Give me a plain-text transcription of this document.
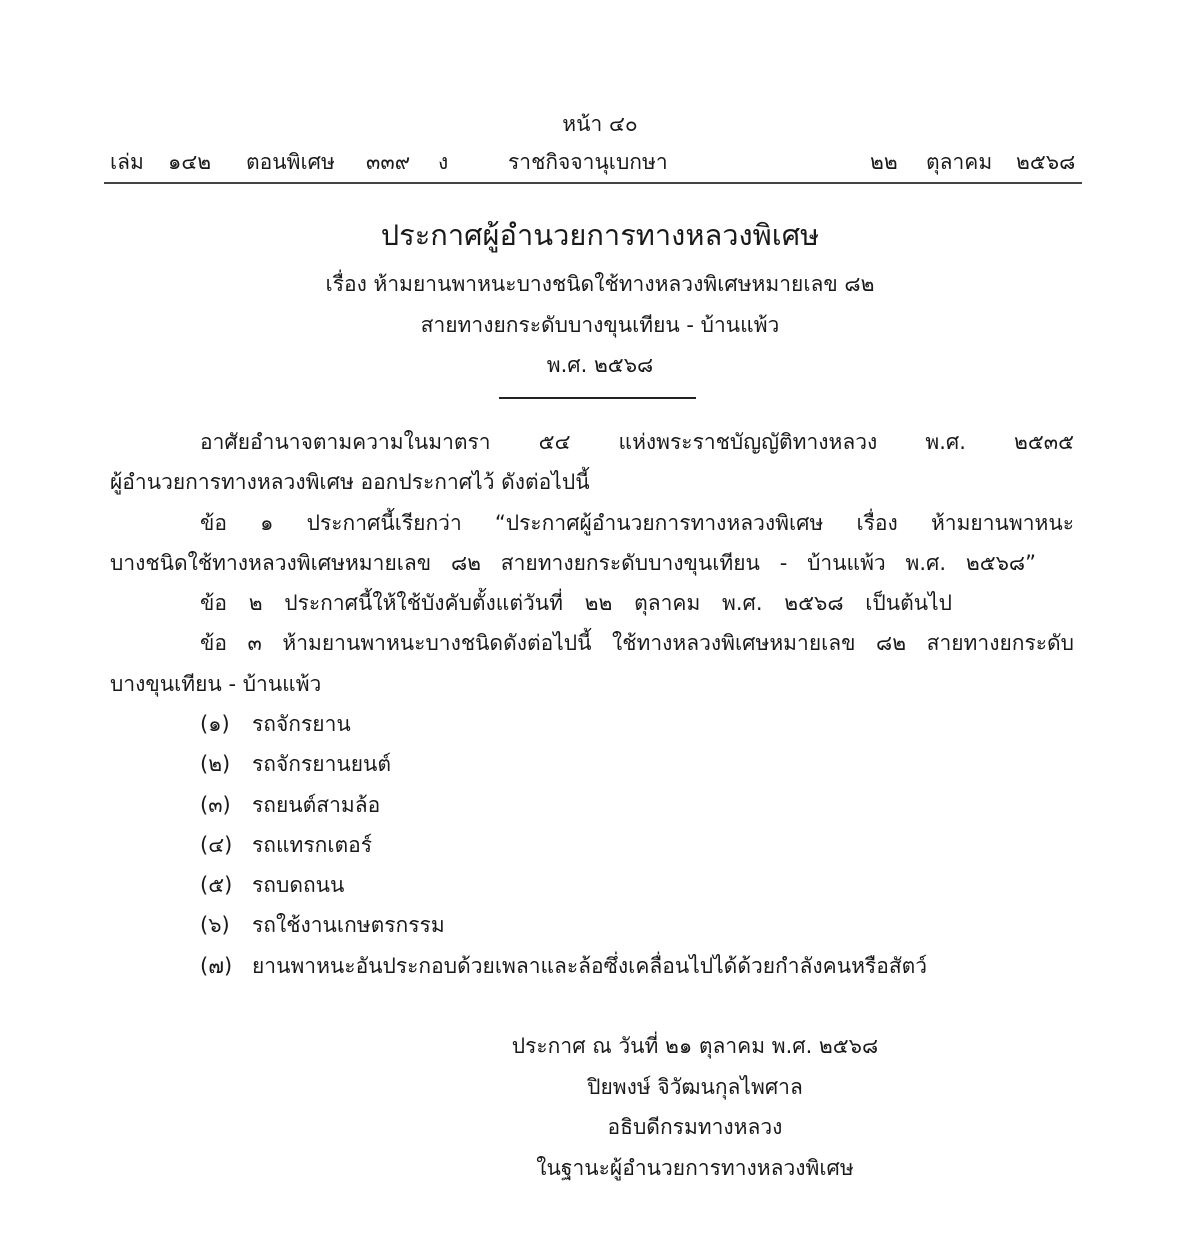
หน้า ๔๐
เล่ม ๑๔๒ ตอนพิเศษ ๓๓๙ ง	ราชกิจจานุเบกษา	๒๒ ตุลาคม ๒๕๖๘
ประกาศผู้อำนวยการทางหลวงพิเศษ
เรื่อง ห้ามยานพาหนะบางชนิดใช้ทางหลวงพิเศษหมายเลข ๘๒
สายทางยกระดับบางขุนเทียน - บ้านแพ้ว
พ.ศ. ๒๕๖๘
อาศัยอำนาจตามความในมาตรา ๕๔ แห่งพระราชบัญญัติทางหลวง พ.ศ. ๒๕๓๕
ผู้อำนวยการทางหลวงพิเศษ ออกประกาศไว้ ดังต่อไปนี้
ข้อ ๑ ประกาศนี้เรียกว่า “ประกาศผู้อำนวยการทางหลวงพิเศษ เรื่อง ห้ามยานพาหนะ
บางชนิดใช้ทางหลวงพิเศษหมายเลข ๘๒ สายทางยกระดับบางขุนเทียน - บ้านแพ้ว พ.ศ. ๒๕๖๘”
ข้อ ๒ ประกาศนี้ให้ใช้บังคับตั้งแต่วันที่ ๒๒ ตุลาคม พ.ศ. ๒๕๖๘ เป็นต้นไป
ข้อ ๓ ห้ามยานพาหนะบางชนิดดังต่อไปนี้ ใช้ทางหลวงพิเศษหมายเลข ๘๒ สายทางยกระดับ
บางขุนเทียน - บ้านแพ้ว
(๑) รถจักรยาน
(๒) รถจักรยานยนต์
(๓) รถยนต์สามล้อ
(๔) รถแทรกเตอร์
(๕) รถบดถนน
(๖) รถใช้งานเกษตรกรรม
(๗) ยานพาหนะอันประกอบด้วยเพลาและล้อซึ่งเคลื่อนไปได้ด้วยกำลังคนหรือสัตว์
ประกาศ ณ วันที่ ๒๑ ตุลาคม พ.ศ. ๒๕๖๘
ปิยพงษ์ จิวัฒนกุลไพศาล
อธิบดีกรมทางหลวง
ในฐานะผู้อำนวยการทางหลวงพิเศษ
